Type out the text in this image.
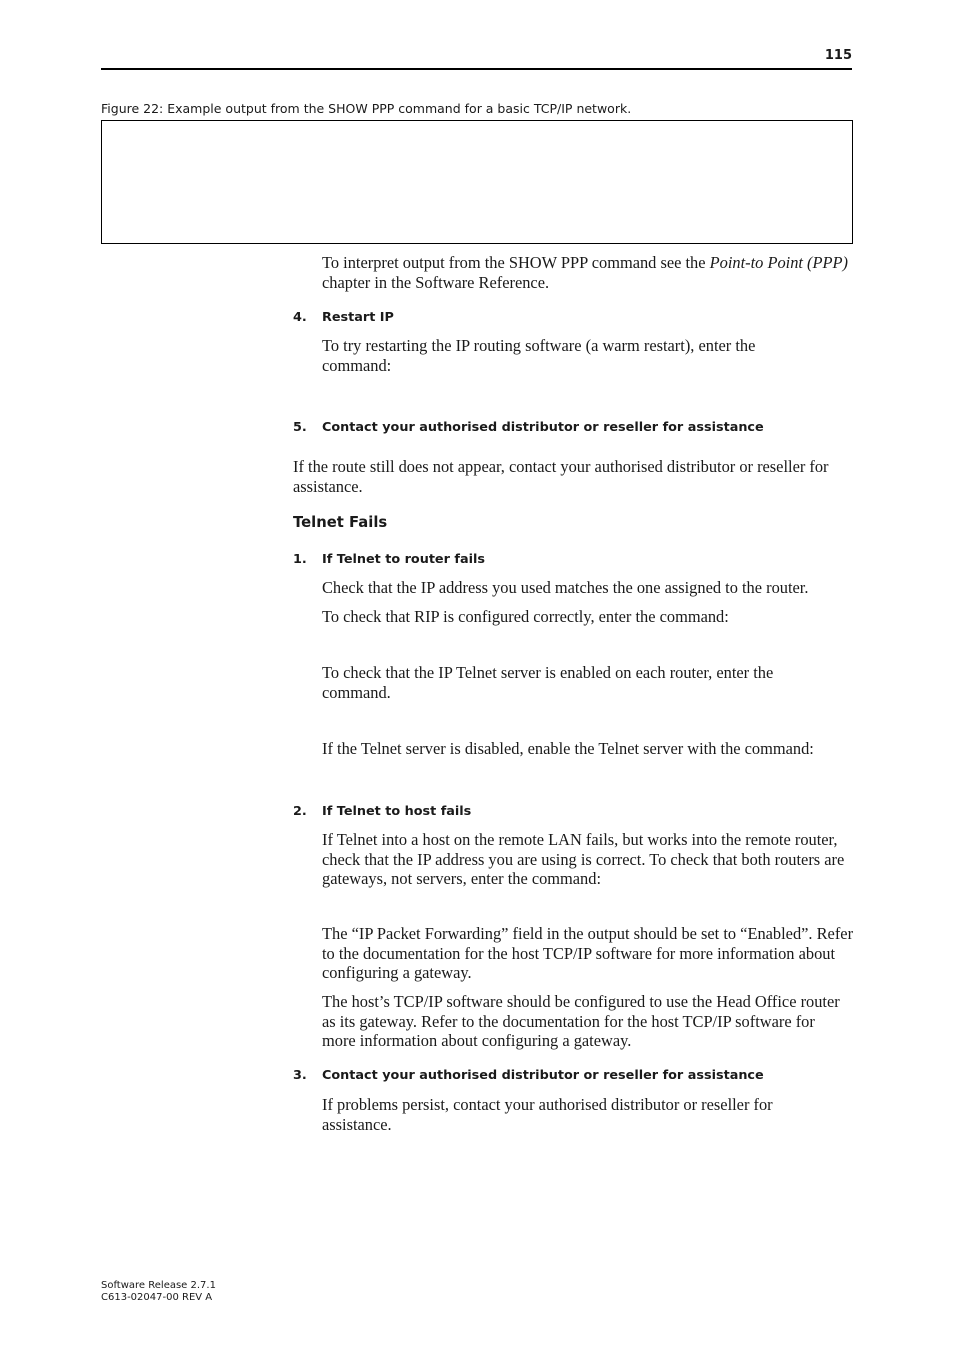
115
Figure 22: Example output from the SHOW PPP command for a basic TCP/IP network.
To interpret output from the SHOW PPP command see the Point-to Point (PPP) chapter in the Software Reference.
4. Restart IP
To try restarting the IP routing software (a warm restart), enter the command:
5. Contact your authorised distributor or reseller for assistance
If the route still does not appear, contact your authorised distributor or reseller for assistance.
Telnet Fails
1. If Telnet to router fails
Check that the IP address you used matches the one assigned to the router.
To check that RIP is configured correctly, enter the command:
To check that the IP Telnet server is enabled on each router, enter the command.
If the Telnet server is disabled, enable the Telnet server with the command:
2. If Telnet to host fails
If Telnet into a host on the remote LAN fails, but works into the remote router, check that the IP address you are using is correct. To check that both routers are gateways, not servers, enter the command:
The “IP Packet Forwarding” field in the output should be set to “Enabled”. Refer to the documentation for the host TCP/IP software for more information about configuring a gateway.
The host’s TCP/IP software should be configured to use the Head Office router as its gateway. Refer to the documentation for the host TCP/IP software for more information about configuring a gateway.
3. Contact your authorised distributor or reseller for assistance
If problems persist, contact your authorised distributor or reseller for assistance.
Software Release 2.7.1
C613-02047-00 REV A
